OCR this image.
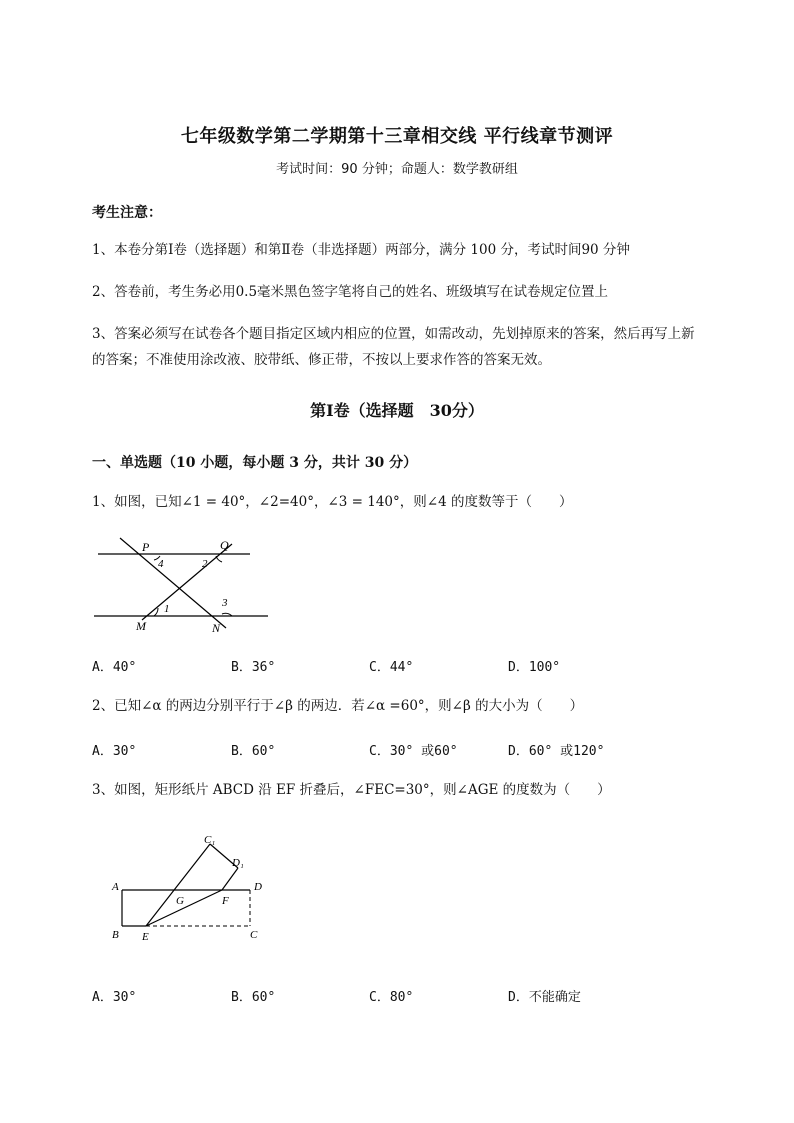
七年级数学第二学期第十三章相交线 平行线章节测评
考试时间：90 分钟；命题人：数学教研组
考生注意：
1、本卷分第Ⅰ卷（选择题）和第Ⅱ卷（非选择题）两部分，满分 100 分，考试时间90 分钟
2、答卷前，考生务必用0.5毫米黑色签字笔将自己的姓名、班级填写在试卷规定位置上
3、答案必须写在试卷各个题目指定区域内相应的位置，如需改动，先划掉原来的答案，然后再写上新
的答案；不准使用涂改液、胶带纸、修正带，不按以上要求作答的答案无效。
第Ⅰ卷（选择题　30分）
一、单选题（10 小题，每小题 3 分，共计 30 分）
1、如图，已知∠1 = 40°，∠2=40°，∠3 = 140°，则∠4 的度数等于（　　）
P	Q
M	N
1
2
3
4
A．40°	B．36°	C．44°	D．100°
2、已知∠α 的两边分别平行于∠β 的两边．若∠α =60°，则∠β 的大小为（　　）
A．30°	B．60°	C．30° 或60°	D．60° 或120°
3、如图，矩形纸片 ABCD 沿 EF 折叠后，∠FEC=30°，则∠AGE 的度数为（　　）
C₁
D₁
A	D
G	F
B E	C
A．30°	B．60°	C．80°	D．不能确定
